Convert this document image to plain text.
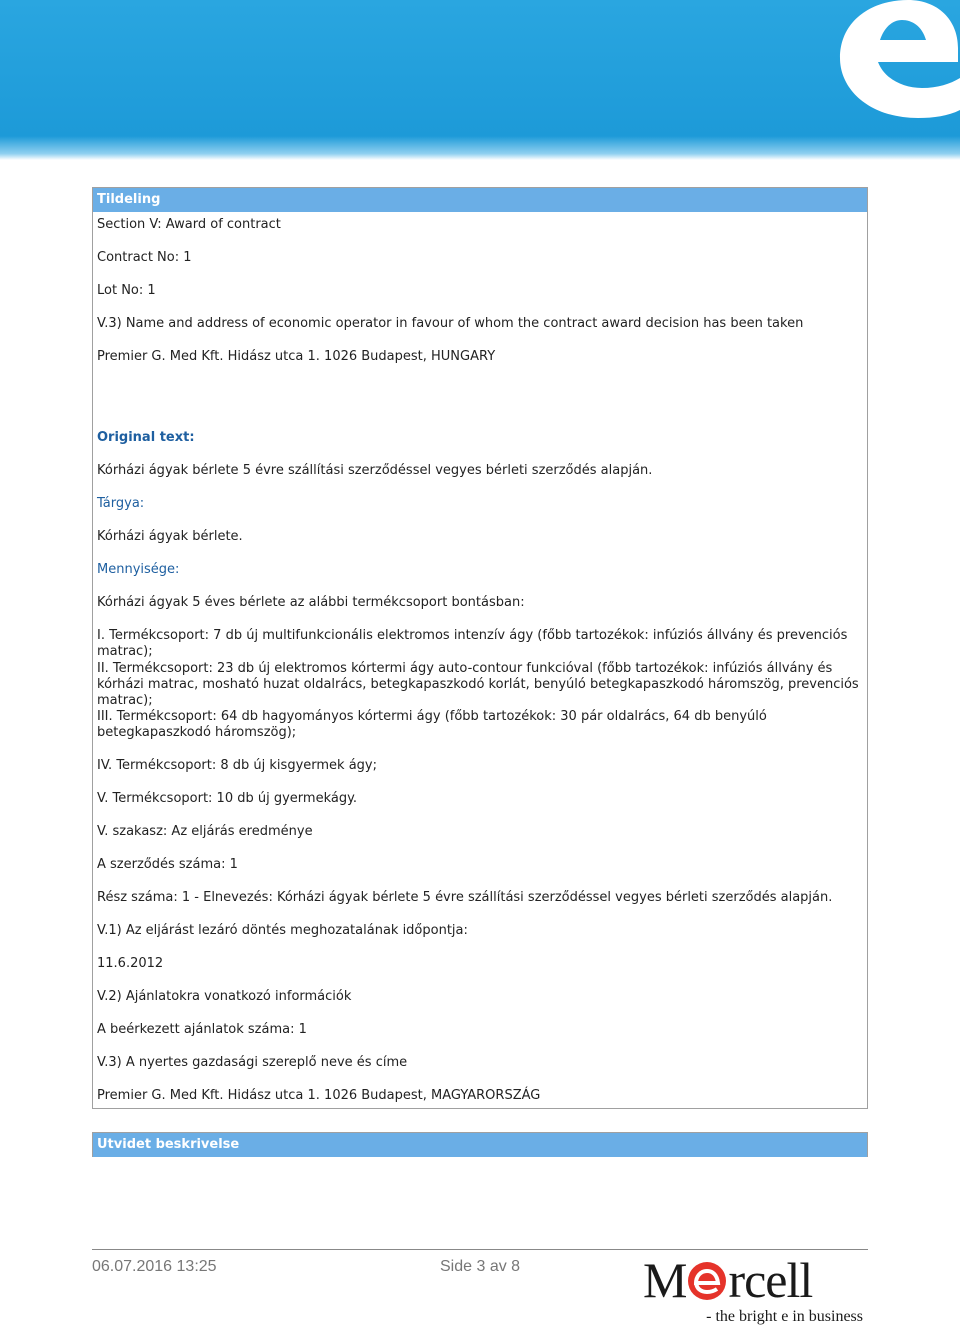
Tildeling

Section V: Award of contract

Contract No: 1

Lot No: 1

V.3) Name and address of economic operator in favour of whom the contract award decision has been taken

Premier G. Med Kft. Hidász utca 1. 1026 Budapest, HUNGARY

Original text:

Kórházi ágyak bérlete 5 évre szállítási szerződéssel vegyes bérleti szerződés alapján.

Tárgya:

Kórházi ágyak bérlete.

Mennyisége:

Kórházi ágyak 5 éves bérlete az alábbi termékcsoport bontásban:

I. Termékcsoport: 7 db új multifunkcionális elektromos intenzív ágy (főbb tartozékok: infúziós állvány és prevenciós matrac);

II. Termékcsoport: 23 db új elektromos kórtermi ágy auto-contour funkcióval (főbb tartozékok: infúziós állvány és kórházi matrac, mosható huzat oldalrács, betegkapaszkodó korlát, benyúló betegkapaszkodó háromszög, prevenciós matrac);

III. Termékcsoport: 64 db hagyományos kórtermi ágy (főbb tartozékok: 30 pár oldalrács, 64 db benyúló betegkapaszkodó háromszög);

IV. Termékcsoport: 8 db új kisgyermek ágy;

V. Termékcsoport: 10 db új gyermekágy.

V. szakasz: Az eljárás eredménye

A szerződés száma: 1

Rész száma: 1 - Elnevezés: Kórházi ágyak bérlete 5 évre szállítási szerződéssel vegyes bérleti szerződés alapján.

V.1) Az eljárást lezáró döntés meghozatalának időpontja:

11.6.2012

V.2) Ajánlatokra vonatkozó információk

A beérkezett ajánlatok száma: 1

V.3) A nyertes gazdasági szereplő neve és címe

Premier G. Med Kft. Hidász utca 1. 1026 Budapest, MAGYARORSZÁG

Utvidet beskrivelse
06.07.2016 13:25	Side 3 av 8 M rcell
- the bright e in business
